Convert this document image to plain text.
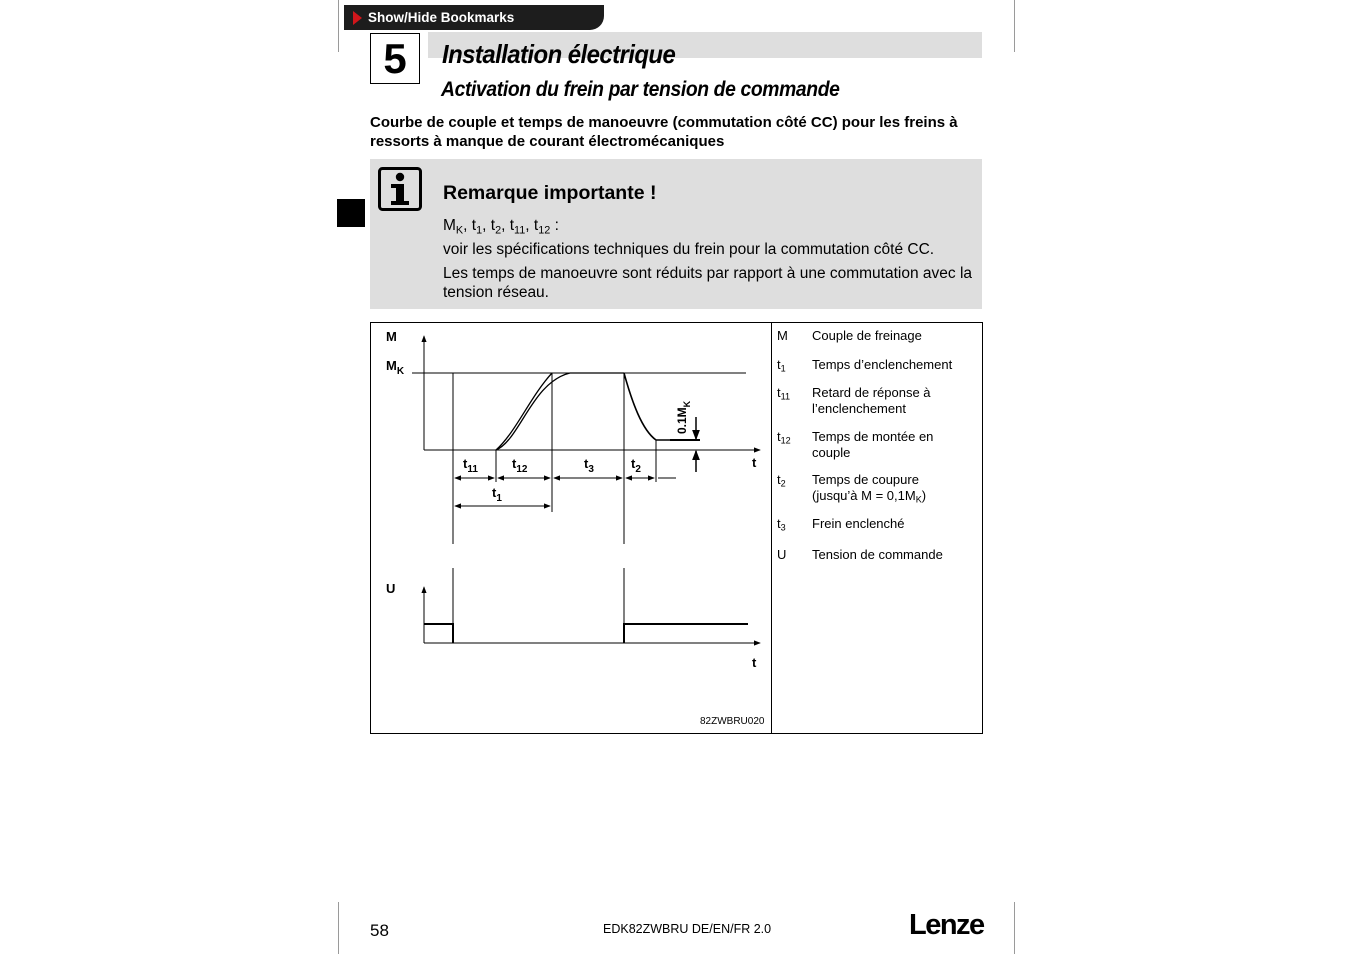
Show/Hide Bookmarks
5	Installation électrique
Activation du frein par tension de commande
Courbe de couple et temps de manoeuvre (commutation côté CC) pour les freins à ressorts à manque de courant électromécaniques
Remarque importante !
$M_K$, $t_1$, $t_2$, $t_{11}$, $t_{12}$ :
voir les spécifications techniques du frein pour la commutation côté CC.
Les temps de manoeuvre sont réduits par rapport à une commutation avec la tension réseau.
M
$M_K$
t
$t_{11}$	$t_{12}$	$t_3$	$t_2$
$t_1$
$0.1M_K$
U
t
82ZWBRU020
M Couple de freinage
$t_1$ Temps d’enclenchement
$t_{11}$ Retard de réponse à l’enclenchement
$t_{12}$ Temps de montée en couple
$t_2$ Temps de coupure (jusqu’à $M = 0,1M_K$)
$t_3$ Frein enclenché
U Tension de commande
58	EDK82ZWBRU DE/EN/FR 2.0	Lenze
